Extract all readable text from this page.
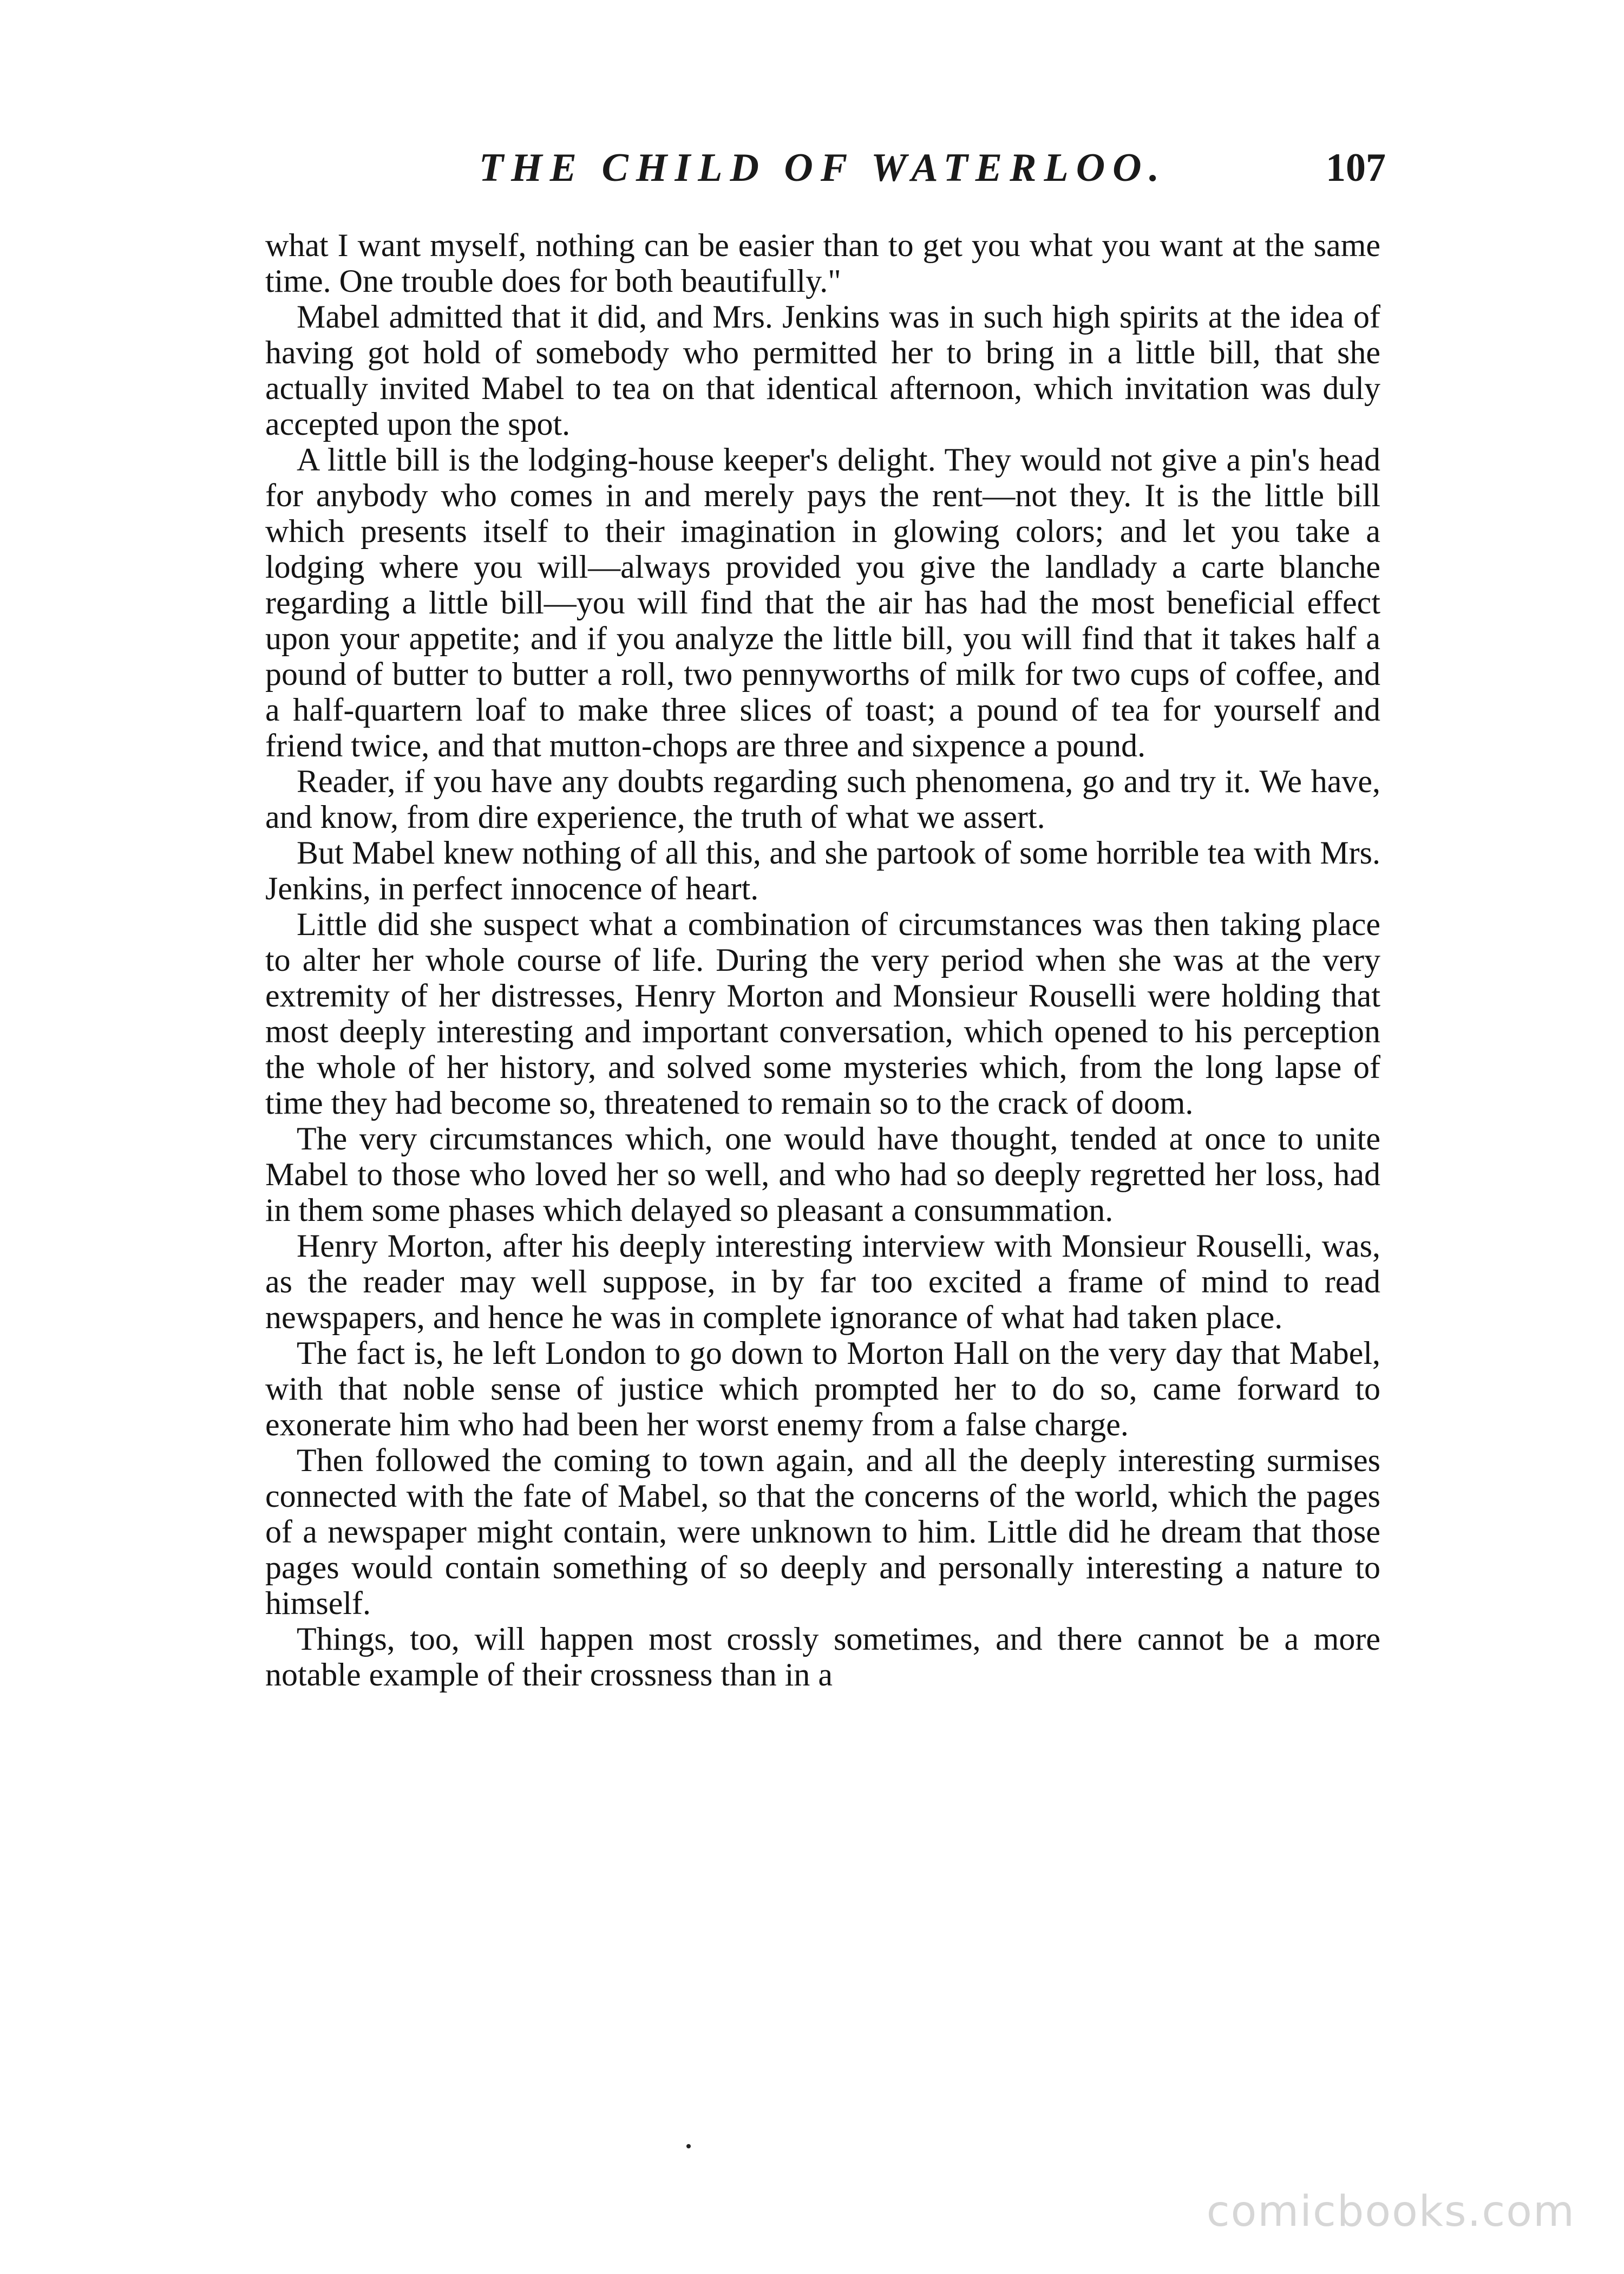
THE CHILD OF WATERLOO.	107

what I want myself, nothing can be easier than to get you what you want at the same time. One trouble does for both beautifully."

Mabel admitted that it did, and Mrs. Jenkins was in such high spirits at the idea of having got hold of somebody who permitted her to bring in a little bill, that she actually invited Mabel to tea on that identical afternoon, which invitation was duly accepted upon the spot.

A little bill is the lodging-house keeper's delight. They would not give a pin's head for anybody who comes in and merely pays the rent—not they. It is the little bill which presents itself to their imagination in glowing colors; and let you take a lodging where you will—always provided you give the landlady a carte blanche regarding a little bill—you will find that the air has had the most beneficial effect upon your appetite; and if you analyze the little bill, you will find that it takes half a pound of butter to butter a roll, two pennyworths of milk for two cups of coffee, and a half-quartern loaf to make three slices of toast; a pound of tea for yourself and friend twice, and that mutton-chops are three and sixpence a pound.

Reader, if you have any doubts regarding such phenomena, go and try it. We have, and know, from dire experience, the truth of what we assert.

But Mabel knew nothing of all this, and she partook of some horrible tea with Mrs. Jenkins, in perfect innocence of heart.

Little did she suspect what a combination of circumstances was then taking place to alter her whole course of life. During the very period when she was at the very extremity of her distresses, Henry Morton and Monsieur Rouselli were holding that most deeply interesting and important conversation, which opened to his perception the whole of her history, and solved some mysteries which, from the long lapse of time they had become so, threatened to remain so to the crack of doom.

The very circumstances which, one would have thought, tended at once to unite Mabel to those who loved her so well, and who had so deeply regretted her loss, had in them some phases which delayed so pleasant a consummation.

Henry Morton, after his deeply interesting interview with Monsieur Rouselli, was, as the reader may well suppose, in by far too excited a frame of mind to read newspapers, and hence he was in complete ignorance of what had taken place.

The fact is, he left London to go down to Morton Hall on the very day that Mabel, with that noble sense of justice which prompted her to do so, came forward to exonerate him who had been her worst enemy from a false charge.

Then followed the coming to town again, and all the deeply interesting surmises connected with the fate of Mabel, so that the concerns of the world, which the pages of a newspaper might contain, were unknown to him. Little did he dream that those pages would contain something of so deeply and personally interesting a nature to himself.

Things, too, will happen most crossly sometimes, and there cannot be a more notable example of their crossness than in a

comicbooks.com
